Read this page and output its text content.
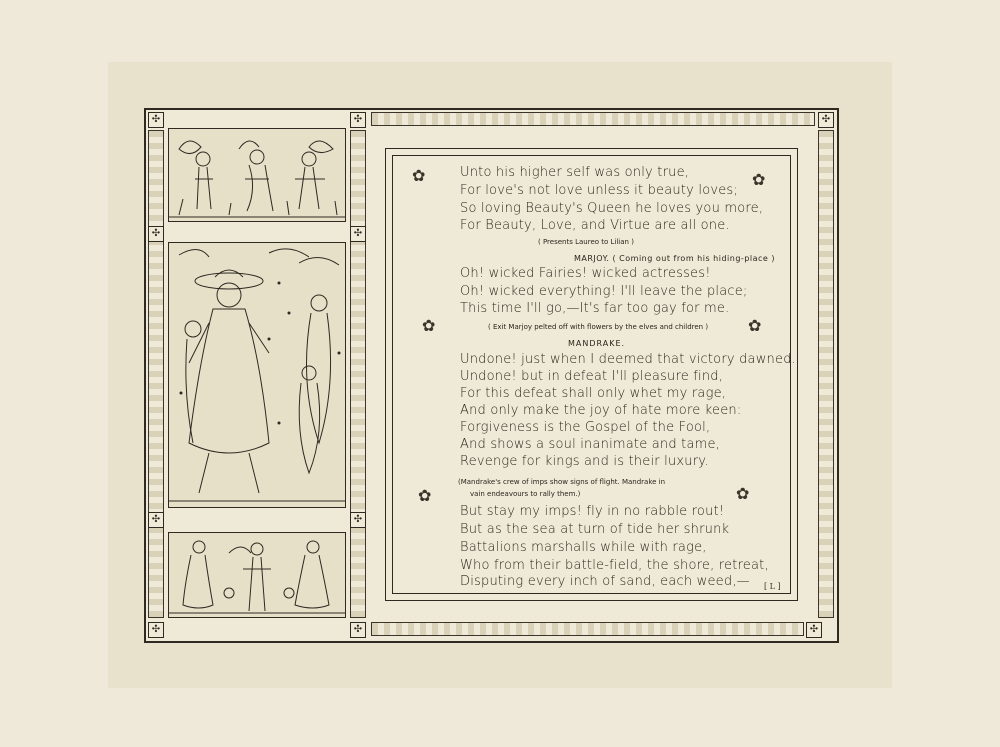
✣	✣	✣
✣	✣
✣	✣
✣	✣	✣
✿	✿
✿	✿
✿	✿
Unto his higher self was only true,
For love's not love unless it beauty loves;
So loving Beauty's Queen he loves you more,
For Beauty, Love, and Virtue are all one.
( Presents Laureo to Lilian )
MARJOY. ( Coming out from his hiding-place )
Oh! wicked Fairies! wicked actresses!
Oh! wicked everything! I'll leave the place;
This time I'll go,—It's far too gay for me.
( Exit Marjoy pelted off with flowers by the elves and children )
MANDRAKE.
Undone! just when I deemed that victory dawned.
Undone! but in defeat I'll pleasure find,
For this defeat shall only whet my rage,
And only make the joy of hate more keen:
Forgiveness is the Gospel of the Fool,
And shows a soul inanimate and tame,
Revenge for kings and is their luxury.
(Mandrake's crew of imps show signs of flight. Mandrake in
vain endeavours to rally them.)
But stay my imps! fly in no rabble rout!
But as the sea at turn of tide her shrunk
Battalions marshalls while with rage,
Who from their battle-field, the shore, retreat,
Disputing every inch of sand, each weed,— [ L ]
